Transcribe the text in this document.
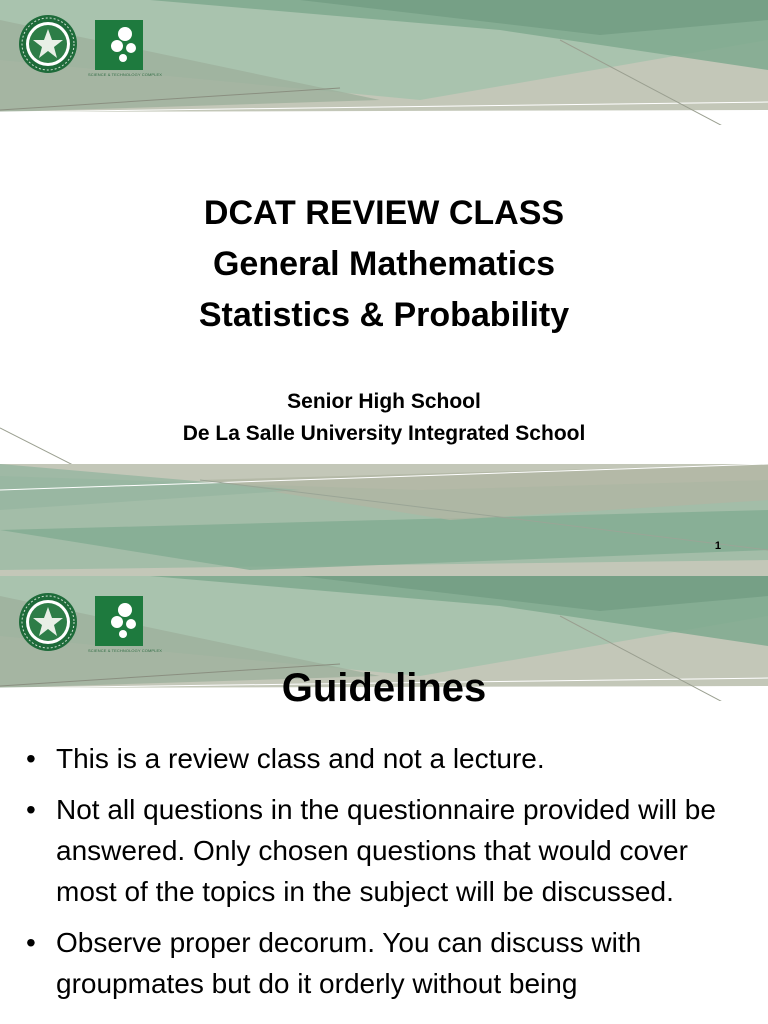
SCIENCE & TECHNOLOGY COMPLEX
DCAT REVIEW CLASS
General Mathematics
Statistics & Probability
Senior High School
De La Salle University Integrated School
1
SCIENCE & TECHNOLOGY COMPLEX
Guidelines
• This is a review class and not a lecture.
• Not all questions in the questionnaire provided will be answered. Only chosen questions that would cover most of the topics in the subject will be discussed.
• Observe proper decorum. You can discuss with groupmates but do it orderly without being
